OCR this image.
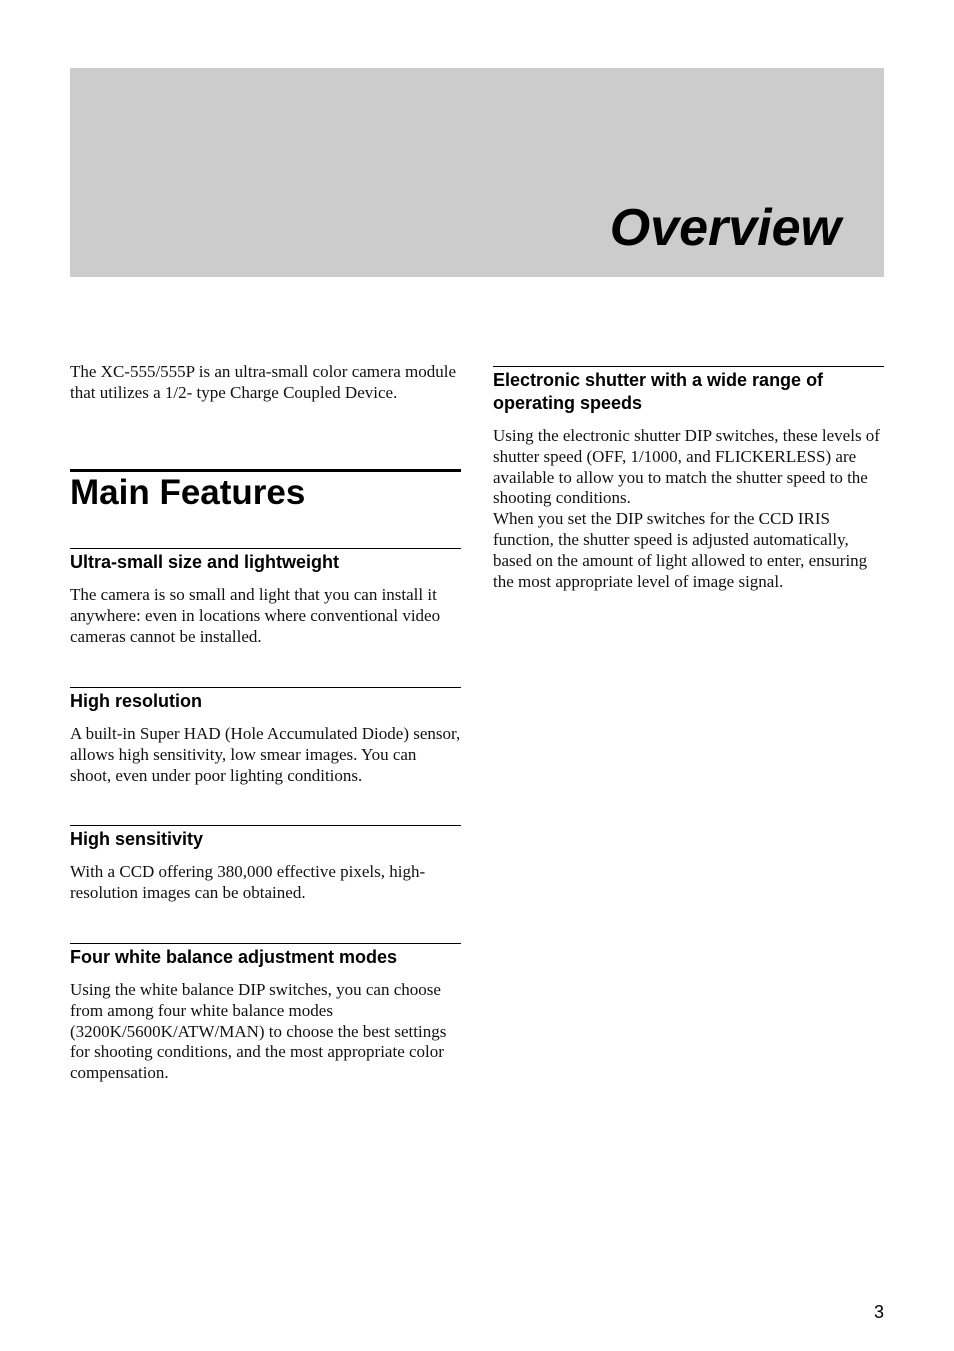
Overview

The XC-555/555P is an ultra-small color camera module that utilizes a 1/2- type Charge Coupled Device.

Main Features
Ultra-small size and lightweight

The camera is so small and light that you can install it anywhere: even in locations where conventional video cameras cannot be installed.

High resolution

A built-in Super HAD (Hole Accumulated Diode) sensor, allows high sensitivity, low smear images. You can shoot, even under poor lighting conditions.

High sensitivity

With a CCD offering 380,000 effective pixels, high-resolution images can be obtained.

Four white balance adjustment modes

Using the white balance DIP switches, you can choose from among four white balance modes (3200K/5600K/ATW/MAN) to choose the best settings for shooting conditions, and the most appropriate color compensation.

Electronic shutter with a wide range of operating speeds

Using the electronic shutter DIP switches, these levels of shutter speed (OFF, 1/1000, and FLICKERLESS) are available to allow you to match the shutter speed to the shooting conditions.

When you set the DIP switches for the CCD IRIS function, the shutter speed is adjusted automatically, based on the amount of light allowed to enter, ensuring the most appropriate level of image signal.

3
